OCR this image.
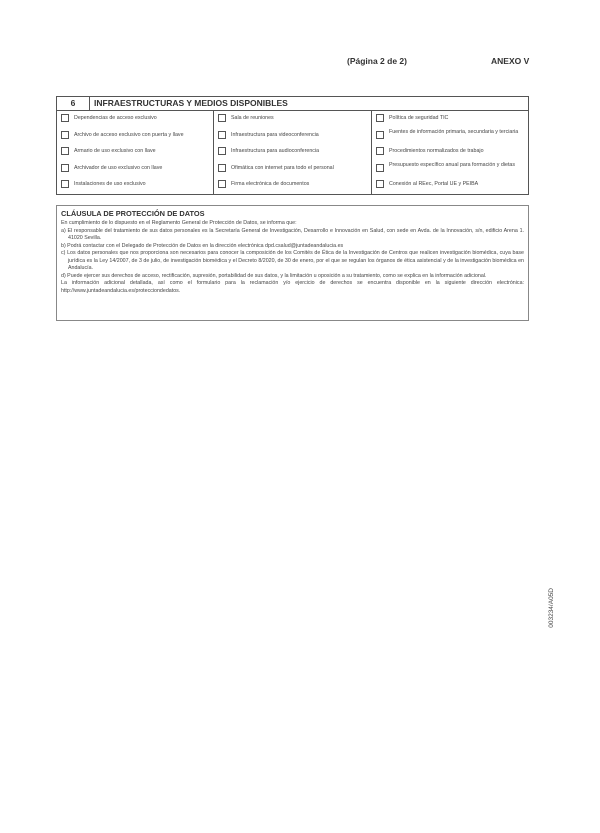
(Página 2 de 2)	ANEXO V
6	INFRAESTRUCTURAS Y MEDIOS DISPONIBLES
Dependencias de acceso exclusivo
Archivo de acceso exclusivo con puerta y llave
Armario de uso exclusivo con llave
Archivador de uso exclusivo con llave
Instalaciones de uso exclusivo
Sala de reuniones
Infraestructura para videoconferencia
Infraestructura para audioconferencia
Ofimática con internet para todo el personal
Firma electrónica de documentos
Política de seguridad TIC
Fuentes de información primaria, secundaria y terciaria
Procedimientos normalizados de trabajo
Presupuesto específico anual para formación y dietas
Conexión al REec, Portal UE y PEIBA
CLÁUSULA DE PROTECCIÓN DE DATOS
En cumplimiento de lo dispuesto en el Reglamento General de Protección de Datos, se informa que:
a) El responsable del tratamiento de sus datos personales es la Secretaría General de Investigación, Desarrollo e Innovación en Salud, con sede en Avda. de la Innovación, s/n, edificio Arena 1. 41020 Sevilla.
b) Podrá contactar con el Delegado de Protección de Datos en la dirección electrónica dpd.csalud@juntadeandalucia.es
c) Los datos personales que nos proporciona son necesarios para conocer la composición de los Comités de Ética de la Investigación de Centros que realicen investigación biomédica, cuya base jurídica es la Ley 14/2007, de 3 de julio, de investigación biomédica y el Decreto 8/2020, de 30 de enero, por el que se regulan los órganos de ética asistencial y de la investigación biomédica en Andalucía.
d) Puede ejercer sus derechos de acceso, rectificación, supresión, portabilidad de sus datos, y la limitación u oposición a su tratamiento, como se explica en la información adicional.
La información adicional detallada, así como el formulario para la reclamación y/o ejercicio de derechos se encuentra disponible en la siguiente dirección electrónica: http://www.juntadeandalucia.es/protecciondedatos.
003234/A05D
